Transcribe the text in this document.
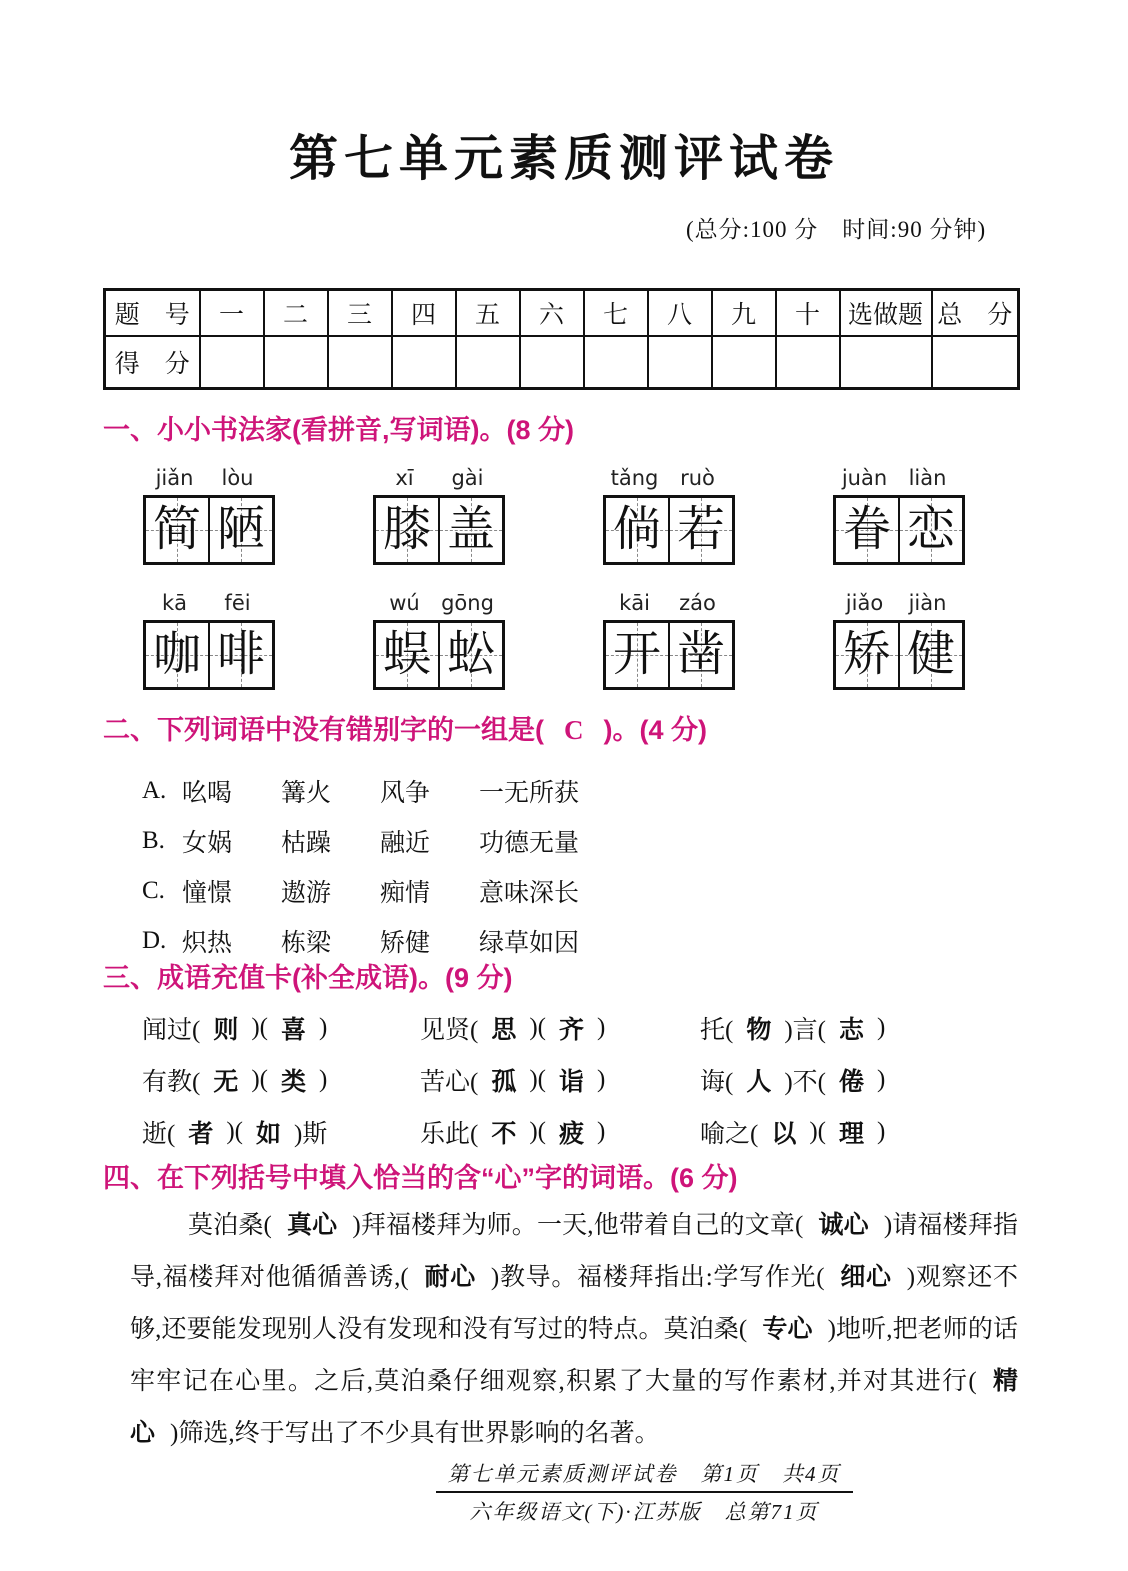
第七单元素质测评试卷
(总分:100 分　时间:90 分钟)
题　号	一	二	三	四	五	六	七	八	九	十	选做题	总　分
得　分												
一、小小书法家(看拼音,写词语)。(8 分)
jiǎn	lòu
简 陋
xī	gài
膝 盖
tǎng	ruò
倘 若
juàn	liàn
眷 恋
kā	fēi
咖 啡
wú	gōng
蜈 蚣
kāi	záo
开 凿
jiǎo	jiàn
矫 健
二、下列词语中没有错别字的一组是( C )。(4 分)
A. 吆喝	篝火	风争	一无所获
B. 女娲	枯躁	融近	功德无量
C. 憧憬	遨游	痴情	意味深长
D. 炽热	栋梁	矫健	绿草如因
三、成语充值卡(补全成语)。(9 分)
闻过( 则 )( 喜 )	见贤( 思 )( 齐 )	托( 物 )言( 志 )
有教( 无 )( 类 )	苦心( 孤 )( 诣 )	诲( 人 )不( 倦 )
逝( 者 )( 如 )斯	乐此( 不 )( 疲 )	喻之( 以 )( 理 )
四、在下列括号中填入恰当的含“心”字的词语。(6 分)
莫泊桑( 真心 )拜福楼拜为师。一天,他带着自己的文章( 诚心 )请福楼拜指导,福楼拜对他循循善诱,( 耐心 )教导。福楼拜指出:学写作光( 细心 )观察还不够,还要能发现别人没有发现和没有写过的特点。莫泊桑( 专心 )地听,把老师的话牢牢记在心里。之后,莫泊桑仔细观察,积累了大量的写作素材,并对其进行( 精心 )筛选,终于写出了不少具有世界影响的名著。
第七单元素质测评试卷　第1页　共4页
六年级语文(下)·江苏版　总第71页
